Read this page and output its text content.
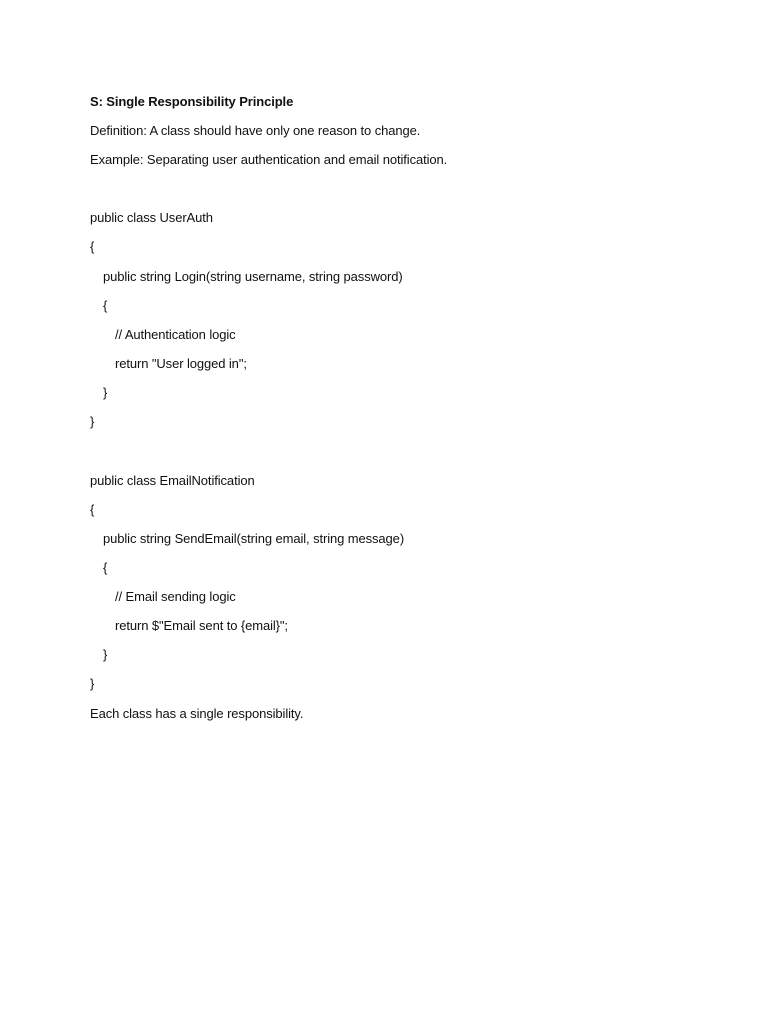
S: Single Responsibility Principle
Definition: A class should have only one reason to change.
Example: Separating user authentication and email notification.
public class UserAuth
{
public string Login(string username, string password)
{
// Authentication logic
return "User logged in";
}
}
public class EmailNotification
{
public string SendEmail(string email, string message)
{
// Email sending logic
return $"Email sent to {email}";
}
}
Each class has a single responsibility.
